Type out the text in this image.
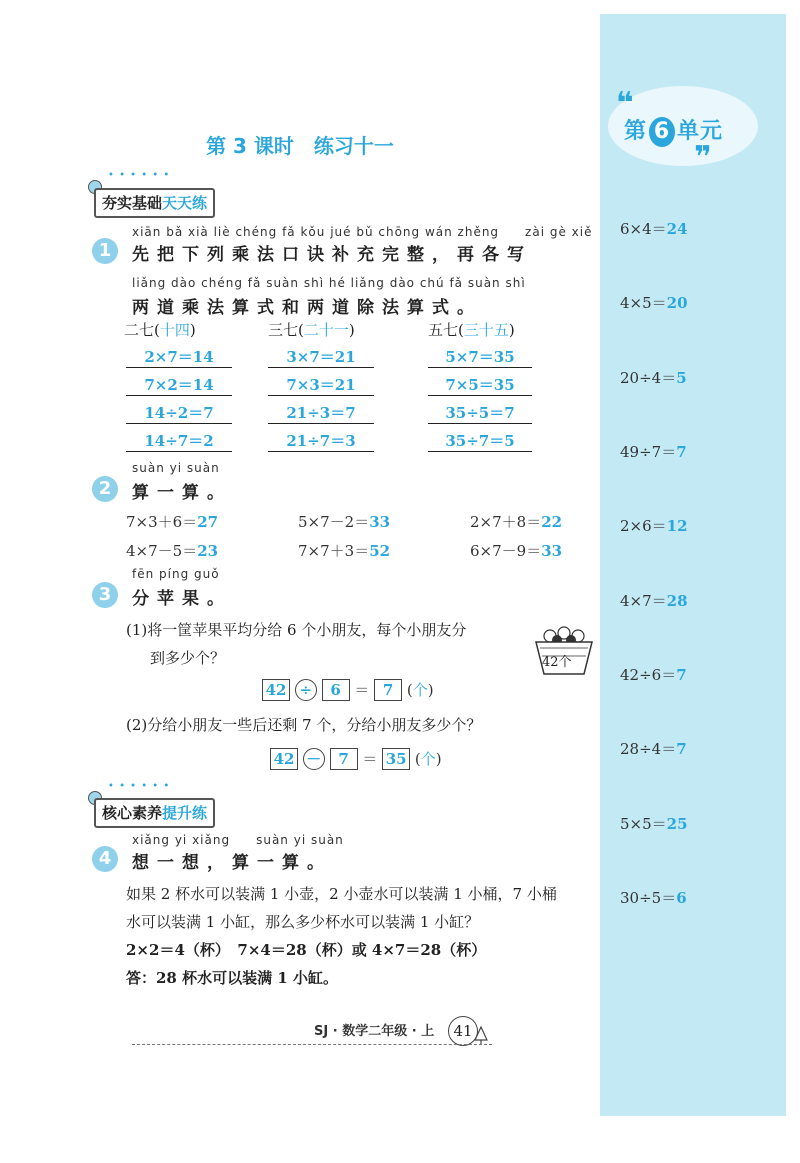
❝
❞
第 6 单元
6×4＝24
4×5＝20
20÷4＝5
49÷7＝7
2×6＝12
4×7＝28
42÷6＝7
28÷4＝7
5×5＝25
30÷5＝6
第 3 课时　练习十一
• • • • • •
夯实基础天天练
1
xiān bǎ xià liè chéng fǎ kǒu jué bǔ chōng wán zhěng　　zài gè xiě
先把下列乘法口诀补充完整，再各写
liǎng dào chéng fǎ suàn shì hé liǎng dào chú fǎ suàn shì
两道乘法算式和两道除法算式。
二七(十四)
2×7＝14
7×2＝14
14÷2＝7
14÷7＝2
三七(二十一)
3×7＝21
7×3＝21
21÷3＝7
21÷7＝3
五七(三十五)
5×7＝35
7×5＝35
35÷5＝7
35÷7＝5
2
suàn yi suàn
算一算。
7×3＋6＝27	5×7－2＝33	2×7＋8＝22
4×7－5＝23	7×7＋3＝52	6×7－9＝33
3
fēn píng guǒ
分苹果。
(1)将一筐苹果平均分给 6 个小朋友，每个小朋友分
到多少个？	42个
42 ÷ 6 ＝ 7 (个)
(2)分给小朋友一些后还剩 7 个，分给小朋友多少个？
42 － 7 ＝ 35 (个)
• • • • • •
核心素养提升练
4
xiǎng yi xiǎng　　suàn yi suàn
想一想，算一算。
如果 2 杯水可以装满 1 小壶，2 小壶水可以装满 1 小桶，7 小桶
水可以装满 1 小缸，那么多少杯水可以装满 1 小缸？
2×2＝4（杯）　7×4＝28（杯）或 4×7＝28（杯）
答：28 杯水可以装满 1 小缸。
SJ · 数学二年级 · 上	41
